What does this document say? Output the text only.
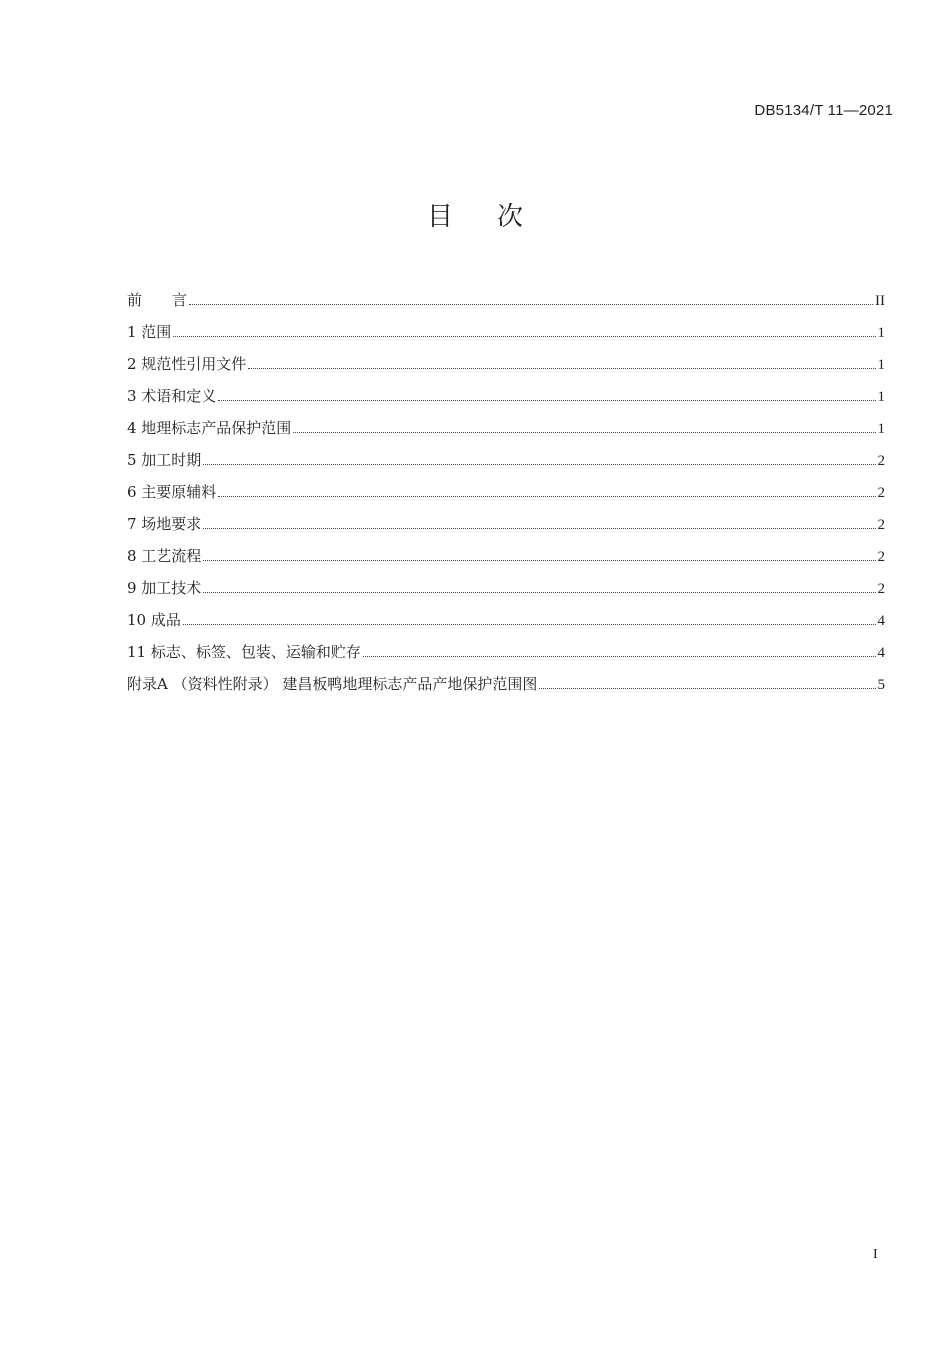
DB5134/T 11—2021
目次
前　　言	II
1 范围	1
2 规范性引用文件	1
3 术语和定义	1
4 地理标志产品保护范围	1
5 加工时期	2
6 主要原辅料	2
7 场地要求	2
8 工艺流程	2
9 加工技术	2
10 成品	4
11 标志、标签、包装、运输和贮存	4
附录A （资料性附录） 建昌板鸭地理标志产品产地保护范围图	5
I
